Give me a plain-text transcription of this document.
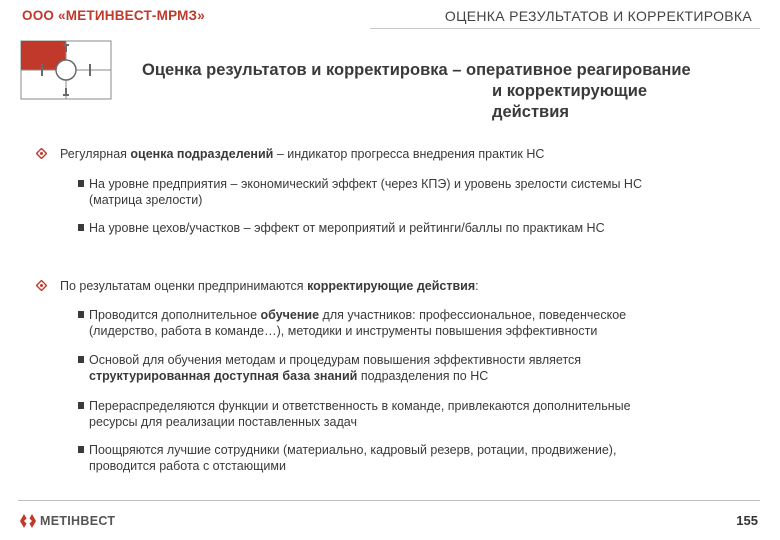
ООО «МЕТИНВЕСТ-МРМЗ»	ОЦЕНКА РЕЗУЛЬТАТОВ И КОРРЕКТИРОВКА
Оценка результатов и корректировка – оперативное реагирование
и корректирующие
действия
Регулярная оценка подразделений – индикатор прогресса внедрения практик НС
На уровне предприятия – экономический эффект (через КПЭ) и уровень зрелости системы НС
(матрица зрелости)
На уровне цехов/участков – эффект от мероприятий и рейтинги/баллы по практикам НС
По результатам оценки предпринимаются корректирующие действия:
Проводится дополнительное обучение для участников: профессиональное, поведенческое
(лидерство, работа в команде…), методики и инструменты повышения эффективности
Основой для обучения методам и процедурам повышения эффективности является
структурированная доступная база знаний подразделения по НС
Перераспределяются функции и ответственность в команде, привлекаются дополнительные
ресурсы для реализации поставленных задач
Поощряются лучшие сотрудники (материально, кадровый резерв, ротации, продвижение),
проводится работа с отстающими
МЕТІНВЕСТ	155
